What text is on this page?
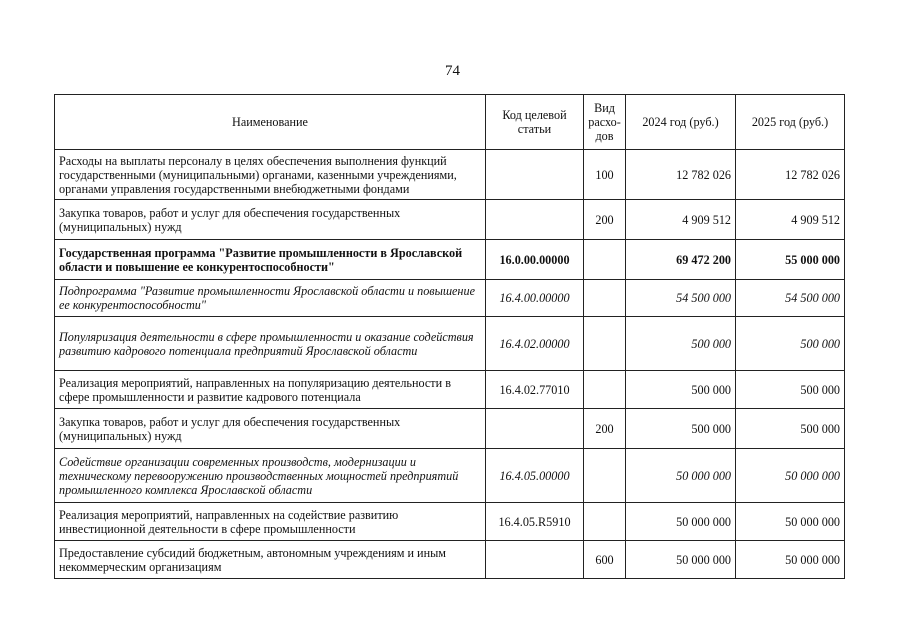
74
Наименование	Код целевой статьи	Вид расхо-дов	2024 год (руб.)	2025 год (руб.)
Расходы на выплаты персоналу в целях обеспечения выполнения функций государственными (муниципальными) органами, казенными учреждениями, органами управления государственными внебюджетными фондами		100	12 782 026	12 782 026
Закупка товаров, работ и услуг для обеспечения государственных (муниципальных) нужд		200	4 909 512	4 909 512
Государственная программа "Развитие промышленности в Ярославской области и повышение ее конкурентоспособности"	16.0.00.00000		69 472 200	55 000 000
Подпрограмма "Развитие промышленности Ярославской области и повышение ее конкурентоспособности"	16.4.00.00000		54 500 000	54 500 000
Популяризация деятельности в сфере промышленности и оказание содействия развитию кадрового потенциала предприятий Ярославской области	16.4.02.00000		500 000	500 000
Реализация мероприятий, направленных на популяризацию деятельности в сфере промышленности и развитие кадрового потенциала	16.4.02.77010		500 000	500 000
Закупка товаров, работ и услуг для обеспечения государственных (муниципальных) нужд		200	500 000	500 000
Содействие организации современных производств, модернизации и техническому перевооружению производственных мощностей предприятий промышленного комплекса Ярославской области	16.4.05.00000		50 000 000	50 000 000
Реализация мероприятий, направленных на содействие развитию инвестиционной деятельности в сфере промышленности	16.4.05.R5910		50 000 000	50 000 000
Предоставление субсидий бюджетным, автономным учреждениям и иным некоммерческим организациям		600	50 000 000	50 000 000
